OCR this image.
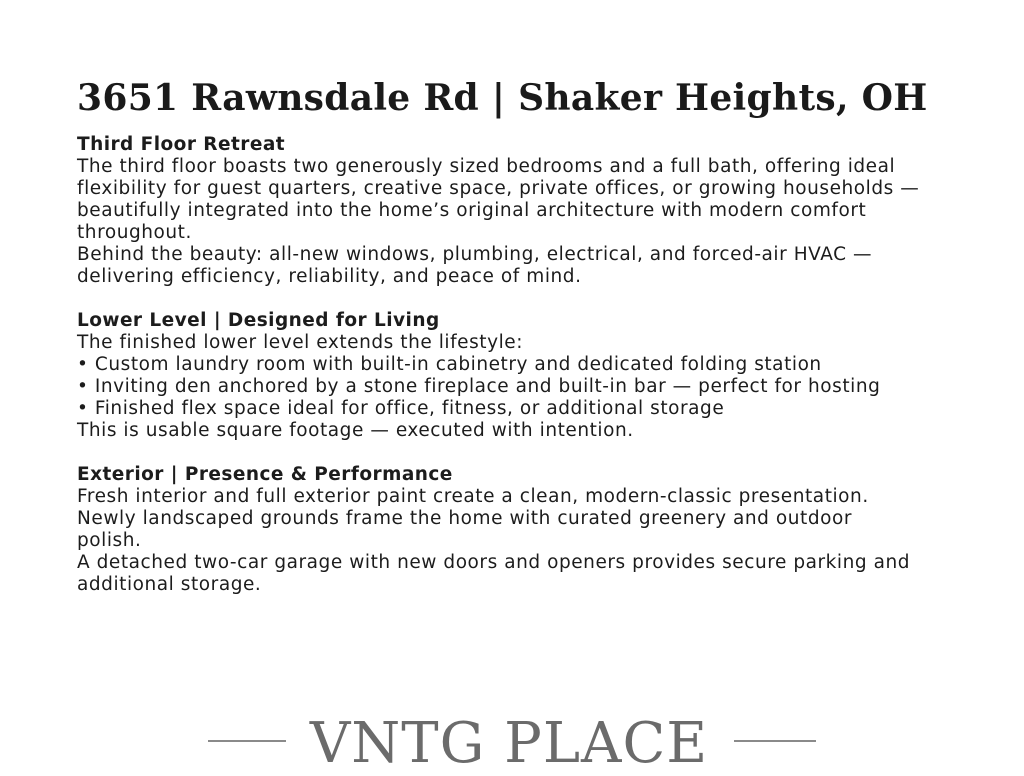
3651 Rawnsdale Rd | Shaker Heights, OH
Third Floor Retreat
The third floor boasts two generously sized bedrooms and a full bath, offering ideal
flexibility for guest quarters, creative space, private offices, or growing households —
beautifully integrated into the home’s original architecture with modern comfort
throughout.
Behind the beauty: all-new windows, plumbing, electrical, and forced-air HVAC —
delivering efficiency, reliability, and peace of mind.
Lower Level | Designed for Living
The finished lower level extends the lifestyle:
• Custom laundry room with built-in cabinetry and dedicated folding station
• Inviting den anchored by a stone fireplace and built-in bar — perfect for hosting
• Finished flex space ideal for office, fitness, or additional storage
This is usable square footage — executed with intention.
Exterior | Presence & Performance
Fresh interior and full exterior paint create a clean, modern-classic presentation.
Newly landscaped grounds frame the home with curated greenery and outdoor
polish.
A detached two-car garage with new doors and openers provides secure parking and
additional storage.
VNTG PLACE
